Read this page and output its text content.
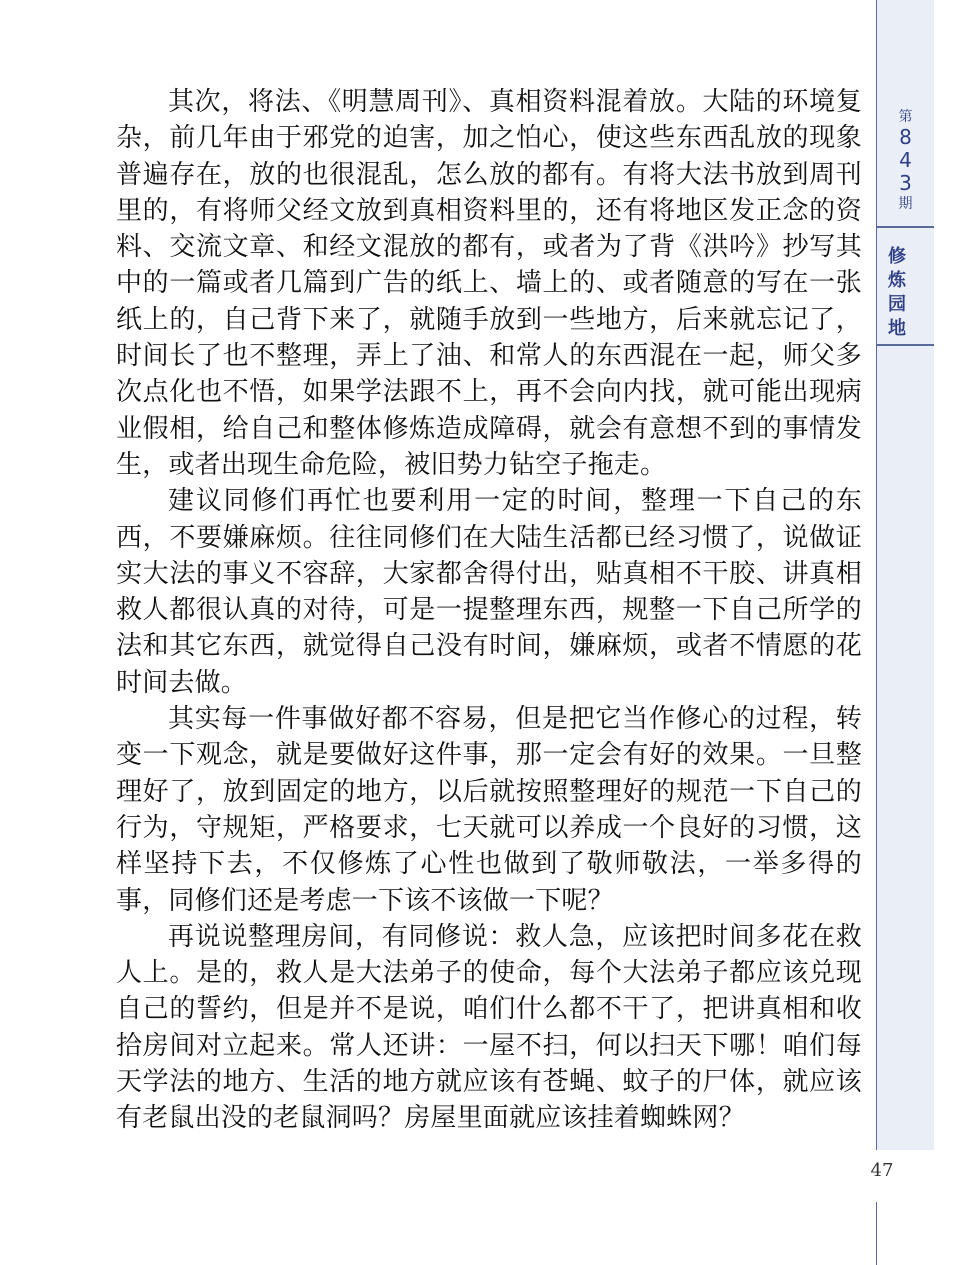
第
8
4
3
期
修
炼
园
地

其次，将法、《明慧周刊》、真相资料混着放。大陆的环境复杂，前几年由于邪党的迫害，加之怕心，使这些东西乱放的现象普遍存在，放的也很混乱，怎么放的都有。有将大法书放到周刊里的，有将师父经文放到真相资料里的，还有将地区发正念的资料、交流文章、和经文混放的都有，或者为了背《洪吟》抄写其中的一篇或者几篇到广告的纸上、墙上的、或者随意的写在一张纸上的，自己背下来了，就随手放到一些地方，后来就忘记了，时间长了也不整理，弄上了油、和常人的东西混在一起，师父多次点化也不悟，如果学法跟不上，再不会向内找，就可能出现病业假相，给自己和整体修炼造成障碍，就会有意想不到的事情发生，或者出现生命危险，被旧势力钻空子拖走。

建议同修们再忙也要利用一定的时间，整理一下自己的东西，不要嫌麻烦。往往同修们在大陆生活都已经习惯了，说做证实大法的事义不容辞，大家都舍得付出，贴真相不干胶、讲真相救人都很认真的对待，可是一提整理东西，规整一下自己所学的法和其它东西，就觉得自己没有时间，嫌麻烦，或者不情愿的花时间去做。

其实每一件事做好都不容易，但是把它当作修心的过程，转变一下观念，就是要做好这件事，那一定会有好的效果。一旦整理好了，放到固定的地方，以后就按照整理好的规范一下自己的行为，守规矩，严格要求，七天就可以养成一个良好的习惯，这样坚持下去，不仅修炼了心性也做到了敬师敬法，一举多得的事，同修们还是考虑一下该不该做一下呢？

再说说整理房间，有同修说：救人急，应该把时间多花在救人上。是的，救人是大法弟子的使命，每个大法弟子都应该兑现自己的誓约，但是并不是说，咱们什么都不干了，把讲真相和收拾房间对立起来。常人还讲：一屋不扫，何以扫天下哪！咱们每天学法的地方、生活的地方就应该有苍蝇、蚊子的尸体，就应该有老鼠出没的老鼠洞吗？房屋里面就应该挂着蜘蛛网？

47
